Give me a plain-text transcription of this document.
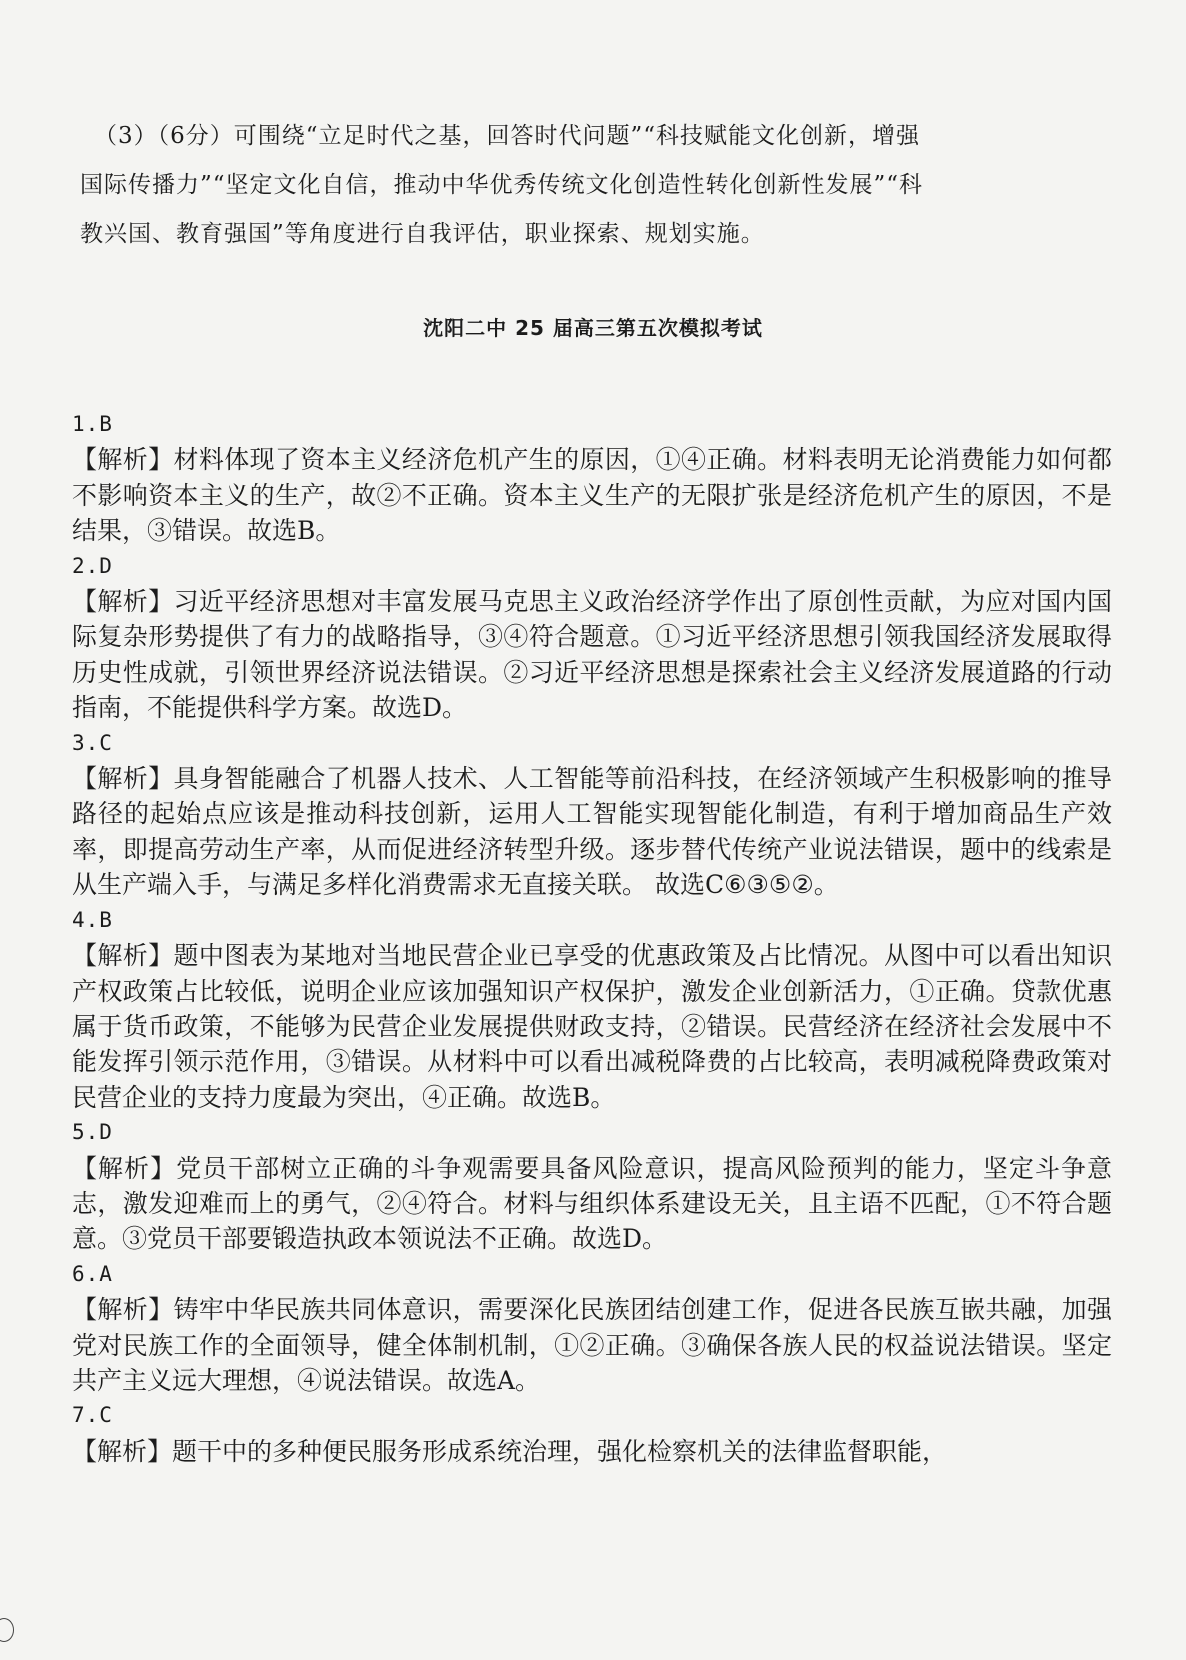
（3）（6分）可围绕“立足时代之基，回答时代问题”“科技赋能文化创新，增强
国际传播力”“坚定文化自信，推动中华优秀传统文化创造性转化创新性发展”“科
教兴国、教育强国”等角度进行自我评估，职业探索、规划实施。
沈阳二中 25 届高三第五次模拟考试
1.B
【解析】材料体现了资本主义经济危机产生的原因，①④正确。材料表明无论消费能力如何都不影响资本主义的生产，故②不正确。资本主义生产的无限扩张是经济危机产生的原因，不是结果，③错误。故选B。
2.D
【解析】习近平经济思想对丰富发展马克思主义政治经济学作出了原创性贡献，为应对国内国际复杂形势提供了有力的战略指导，③④符合题意。①习近平经济思想引领我国经济发展取得历史性成就，引领世界经济说法错误。②习近平经济思想是探索社会主义经济发展道路的行动指南，不能提供科学方案。故选D。
3.C
【解析】具身智能融合了机器人技术、人工智能等前沿科技，在经济领域产生积极影响的推导路径的起始点应该是推动科技创新，运用人工智能实现智能化制造，有利于增加商品生产效率，即提高劳动生产率，从而促进经济转型升级。逐步替代传统产业说法错误，题中的线索是从生产端入手，与满足多样化消费需求无直接关联。 故选C⑥③⑤②。
4.B
【解析】题中图表为某地对当地民营企业已享受的优惠政策及占比情况。从图中可以看出知识产权政策占比较低，说明企业应该加强知识产权保护，激发企业创新活力，①正确。贷款优惠属于货币政策，不能够为民营企业发展提供财政支持，②错误。民营经济在经济社会发展中不能发挥引领示范作用，③错误。从材料中可以看出减税降费的占比较高，表明减税降费政策对民营企业的支持力度最为突出，④正确。故选B。
5.D
【解析】党员干部树立正确的斗争观需要具备风险意识，提高风险预判的能力，坚定斗争意志，激发迎难而上的勇气，②④符合。材料与组织体系建设无关，且主语不匹配，①不符合题意。③党员干部要锻造执政本领说法不正确。故选D。
6.A
【解析】铸牢中华民族共同体意识，需要深化民族团结创建工作，促进各民族互嵌共融，加强党对民族工作的全面领导，健全体制机制，①②正确。③确保各族人民的权益说法错误。坚定共产主义远大理想，④说法错误。故选A。
7.C
【解析】题干中的多种便民服务形成系统治理，强化检察机关的法律监督职能，
